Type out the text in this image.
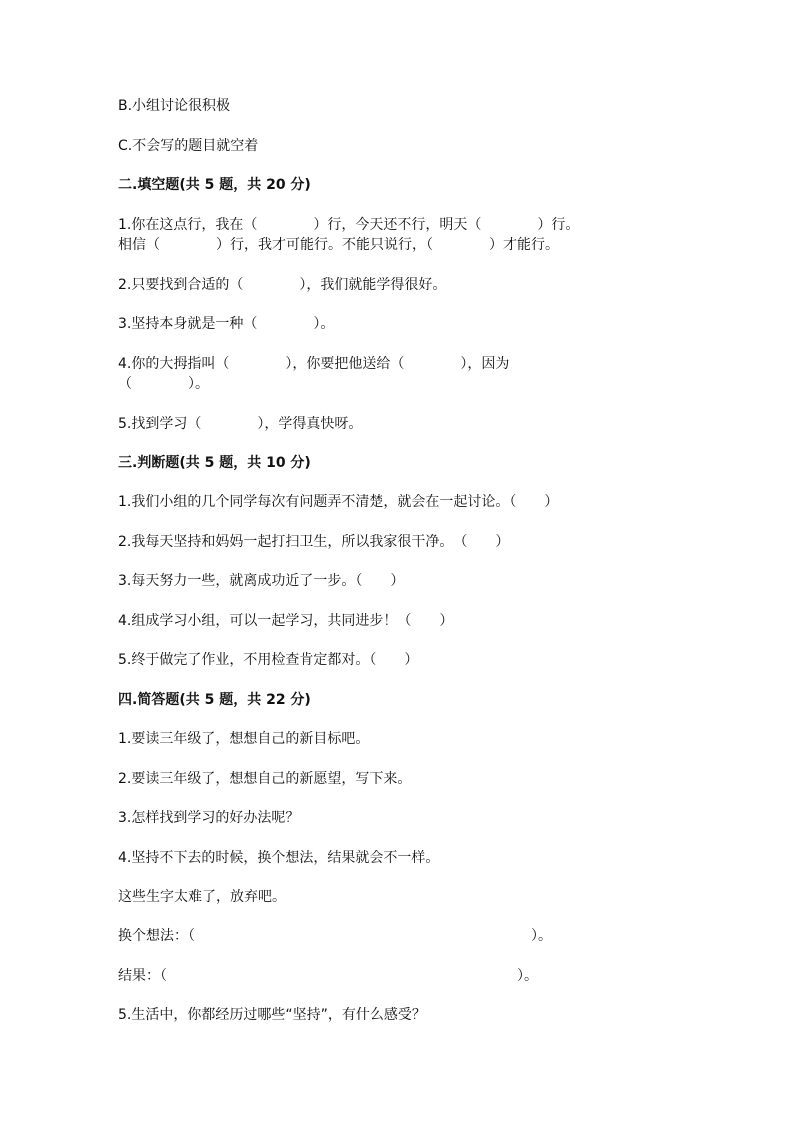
B.小组讨论很积极
C.不会写的题目就空着
二.填空题(共 5 题，共 20 分)
1.你在这点行，我在（　　　　）行，今天还不行，明天（　　　　）行。
相信（　　　　）行，我才可能行。不能只说行，（　　　　）才能行。
2.只要找到合适的（　　　　），我们就能学得很好。
3.坚持本身就是一种（　　　　）。
4.你的大拇指叫（　　　　），你要把他送给（　　　　），因为
（　　　　）。
5.找到学习（　　　　），学得真快呀。
三.判断题(共 5 题，共 10 分)
1.我们小组的几个同学每次有问题弄不清楚，就会在一起讨论。（　　）
2.我每天坚持和妈妈一起打扫卫生，所以我家很干净。　（　　）
3.每天努力一些，就离成功近了一步。（　　）
4.组成学习小组，可以一起学习，共同进步！（　　）
5.终于做完了作业，不用检查肯定都对。（　　）
四.简答题(共 5 题，共 22 分)
1.要读三年级了，想想自己的新目标吧。
2.要读三年级了，想想自己的新愿望，写下来。
3.怎样找到学习的好办法呢？
4.坚持不下去的时候，换个想法，结果就会不一样。
这些生字太难了，放弃吧。
换个想法：（　　　　　　　　　　　　　　　　　　　　　　　　）。
结果：（　　　　　　　　　　　　　　　　　　　　　　　　　）。
5.生活中，你都经历过哪些“坚持”，有什么感受？
